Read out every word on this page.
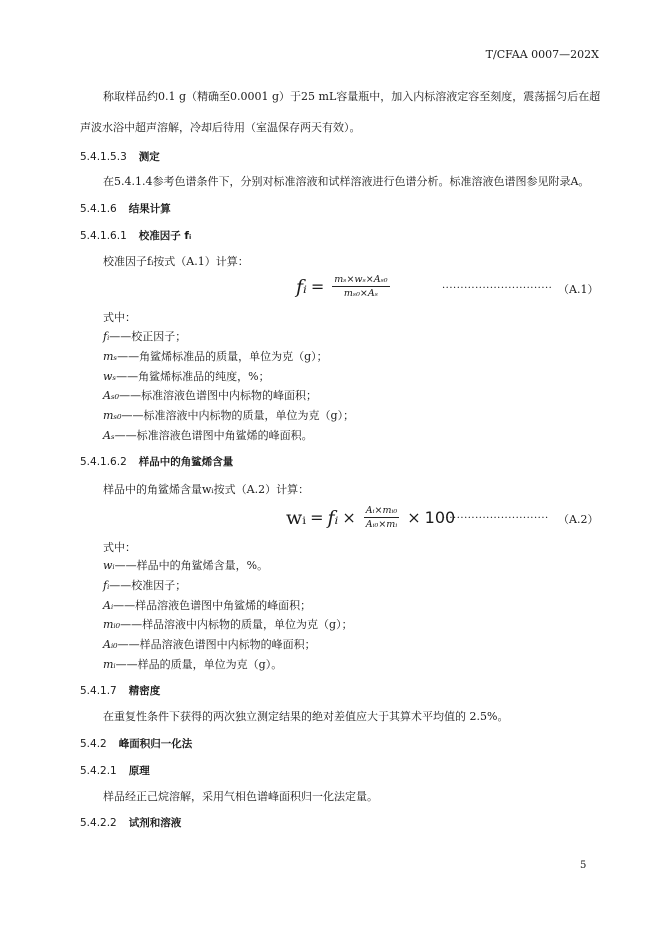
T/CFAA 0007—202X
称取样品约0.1 g（精确至0.0001 g）于25 mL容量瓶中，加入内标溶液定容至刻度，震荡摇匀后在超
声波水浴中超声溶解，冷却后待用（室温保存两天有效）。
5.4.1.5.3 测定
在5.4.1.4参考色谱条件下，分别对标准溶液和试样溶液进行色谱分析。标准溶液色谱图参见附录A。
5.4.1.6 结果计算
5.4.1.6.1 校准因子 fᵢ
校准因子fᵢ按式（A.1）计算：
fᵢ = $\frac{\text{mₛ×wₛ×Aₛ₀}}{\text{mₛ₀×Aₛ}}$	······························ （A.1）
式中：
fᵢ——校正因子；
mₛ——角鲨烯标准品的质量，单位为克（g）；
wₛ——角鲨烯标准品的纯度，%；
Aₛ₀——标准溶液色谱图中内标物的峰面积；
mₛ₀——标准溶液中内标物的质量，单位为克（g）；
Aₛ——标准溶液色谱图中角鲨烯的峰面积。
5.4.1.6.2 样品中的角鲨烯含量
样品中的角鲨烯含量wᵢ按式（A.2）计算：
wᵢ = fᵢ × $\frac{\text{Aᵢ×mᵢ₀}}{\text{Aᵢ₀×mᵢ}} \times 100$
····························· （A.2）
式中：
wᵢ——样品中的角鲨烯含量，%。
fᵢ——校准因子；
Aᵢ——样品溶液色谱图中角鲨烯的峰面积；
mᵢ₀——样品溶液中内标物的质量，单位为克（g）；
Aᵢ₀——样品溶液色谱图中内标物的峰面积；
mᵢ——样品的质量，单位为克（g）。
5.4.1.7 精密度
在重复性条件下获得的两次独立测定结果的绝对差值应大于其算术平均值的 2.5%。
5.4.2 峰面积归一化法
5.4.2.1 原理
样品经正己烷溶解，采用气相色谱峰面积归一化法定量。
5.4.2.2 试剂和溶液
5
